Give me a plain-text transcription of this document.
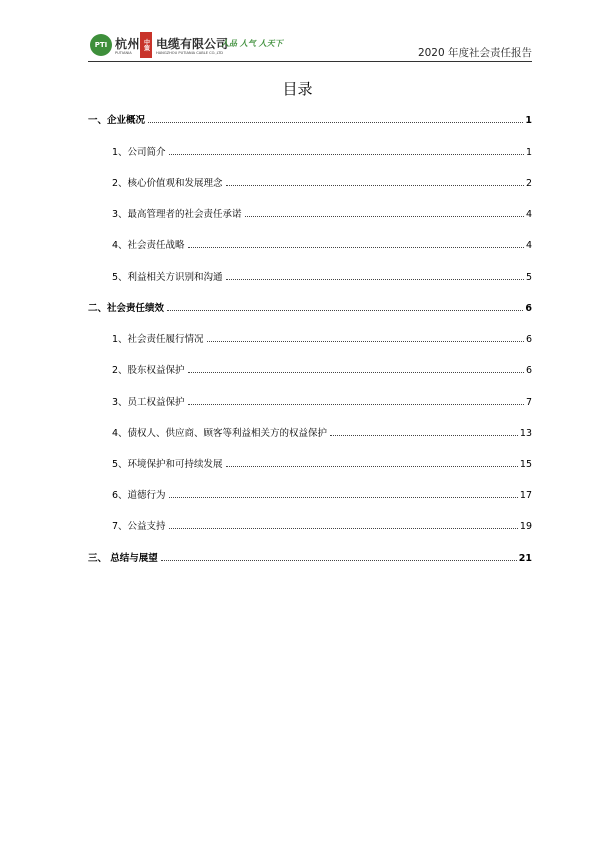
PTI 杭州 中策 电缆有限公司
PUTIANIA	HANGZHOU PUTIANIA CABLE CO.,LTD
人品 人气 人天下
2020 年度社会责任报告
目录
一、企业概况	1
1、公司简介	1
2、核心价值观和发展理念	2
3、最高管理者的社会责任承诺	4
4、社会责任战略	4
5、利益相关方识别和沟通	5
二、社会责任绩效	6
1、社会责任履行情况	6
2、股东权益保护	6
3、员工权益保护	7
4、债权人、供应商、顾客等利益相关方的权益保护	13
5、环境保护和可持续发展	15
6、道德行为	17
7、公益支持	19
三、 总结与展望	21
